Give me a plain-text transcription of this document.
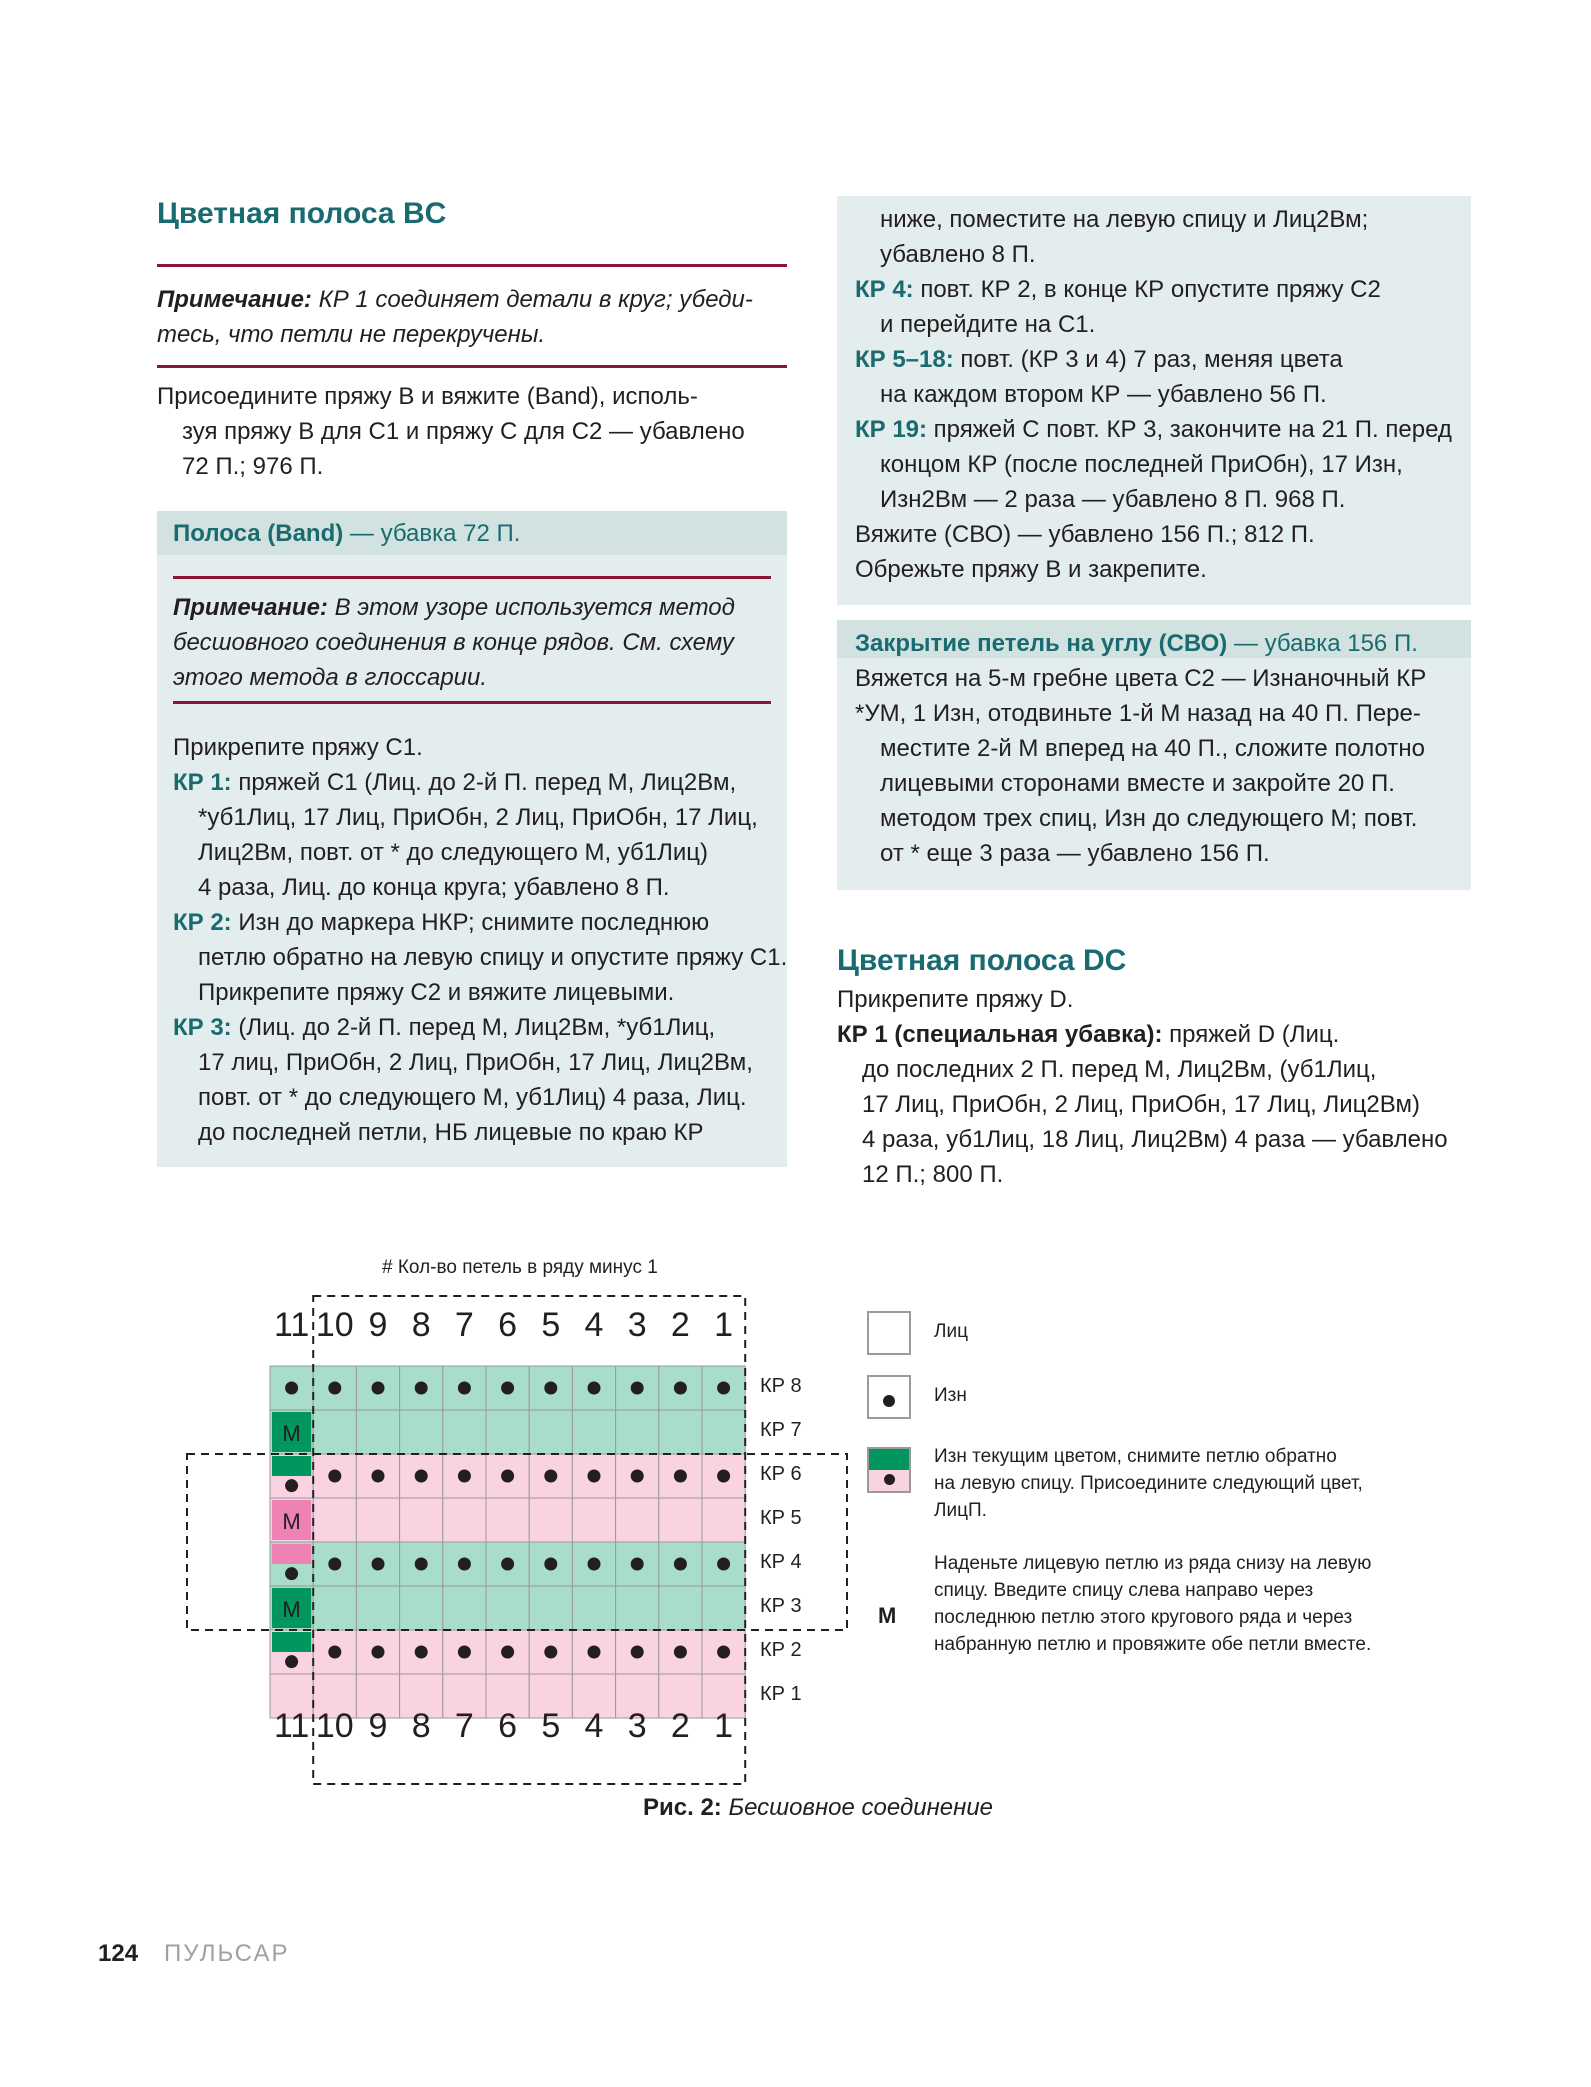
Цветная полоса BC

Примечание: КР 1 соединяет детали в круг; убеди-
тесь, что петли не перекручены.

Присоедините пряжу В и вяжите (Band), исполь-
зуя пряжу В для С1 и пряжу С для С2 — убавлено
72 П.; 976 П.

Полоса (Band) — убавка 72 П.

Примечание: В этом узоре используется метод
бесшовного соединения в конце рядов. См. схему
этого метода в глоссарии.

Прикрепите пряжу С1.
КР 1: пряжей С1 (Лиц. до 2-й П. перед М, Лиц2Вм,
*уб1Лиц, 17 Лиц, ПриОбн, 2 Лиц, ПриОбн, 17 Лиц,
Лиц2Вм, повт. от * до следующего М, уб1Лиц)
4 раза, Лиц. до конца круга; убавлено 8 П.
КР 2: Изн до маркера НКР; снимите последнюю
петлю обратно на левую спицу и опустите пряжу С1.
Прикрепите пряжу С2 и вяжите лицевыми.
КР 3: (Лиц. до 2-й П. перед М, Лиц2Вм, *уб1Лиц,
17 лиц, ПриОбн, 2 Лиц, ПриОбн, 17 Лиц, Лиц2Вм,
повт. от * до следующего М, уб1Лиц) 4 раза, Лиц.
до последней петли, НБ лицевые по краю КР

ниже, поместите на левую спицу и Лиц2Вм;
убавлено 8 П.
КР 4: повт. КР 2, в конце КР опустите пряжу С2
и перейдите на С1.
КР 5–18: повт. (КР 3 и 4) 7 раз, меняя цвета
на каждом втором КР — убавлено 56 П.
КР 19: пряжей С повт. КР 3, закончите на 21 П. перед
концом КР (после последней ПриОбн), 17 Изн,
Изн2Вм — 2 раза — убавлено 8 П. 968 П.
Вяжите (СВО) — убавлено 156 П.; 812 П.
Обрежьте пряжу В и закрепите.

Закрытие петель на углу (СВО) — убавка 156 П.

Вяжется на 5-м гребне цвета С2 — Изнаночный КР
*УМ, 1 Изн, отодвиньте 1-й М назад на 40 П. Пере-
местите 2-й М вперед на 40 П., сложите полотно
лицевыми сторонами вместе и закройте 20 П.
методом трех спиц, Изн до следующего М; повт.
от * еще 3 раза — убавлено 156 П.

Цветная полоса DC

Прикрепите пряжу D.
КР 1 (специальная убавка): пряжей D (Лиц.
до последних 2 П. перед М, Лиц2Вм, (уб1Лиц,
17 Лиц, ПриОбн, 2 Лиц, ПриОбн, 17 Лиц, Лиц2Вм)
4 раза, уб1Лиц, 18 Лиц, Лиц2Вм) 4 раза — убавлено
12 П.; 800 П.

# Кол-во петель в ряду минус 1
M
M
M
11 10 9 8 7 6 5 4 3 2 1
11 10 9 8 7 6 5 4 3 2 1
КР 8
КР 7
КР 6
КР 5
КР 4
КР 3
КР 2
КР 1
Лиц
Изн

Изн текущим цветом, снимите петлю обратно
на левую спицу. Присоедините следующий цвет,
ЛицП.

M

Наденьте лицевую петлю из ряда снизу на левую
спицу. Введите спицу слева направо через
последнюю петлю этого кругового ряда и через
набранную петлю и провяжите обе петли вместе.

Рис. 2: Бесшовное соединение

124 ПУЛЬСАР
